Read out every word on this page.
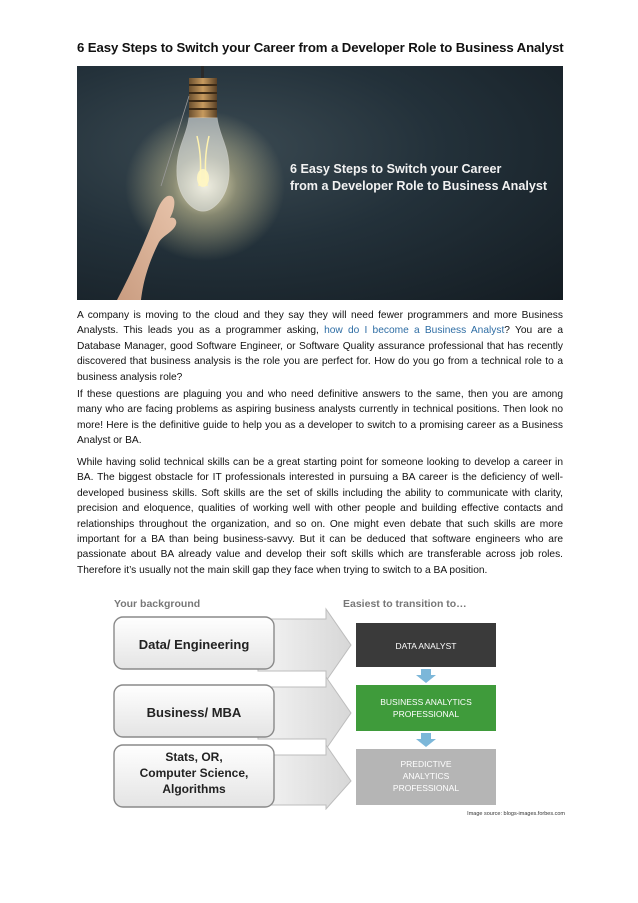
6 Easy Steps to Switch your Career from a Developer Role to Business Analyst
6 Easy Steps to Switch your Career
from a Developer Role to Business Analyst
A company is moving to the cloud and they say they will need fewer programmers and more Business Analysts. This leads you as a programmer asking, how do I become a Business Analyst? You are a Database Manager, good Software Engineer, or Software Quality assurance professional that has recently discovered that business analysis is the role you are perfect for. How do you go from a technical role to a business analysis role?
If these questions are plaguing you and who need definitive answers to the same, then you are among many who are facing problems as aspiring business analysts currently in technical positions. Then look no more! Here is the definitive guide to help you as a developer to switch to a promising career as a Business Analyst or BA.
While having solid technical skills can be a great starting point for someone looking to develop a career in BA. The biggest obstacle for IT professionals interested in pursuing a BA career is the deficiency of well-developed business skills. Soft skills are the set of skills including the ability to communicate with clarity, precision and eloquence, qualities of working well with other people and building effective contacts and relationships throughout the organization, and so on. One might even debate that such skills are more important for a BA than being business-savvy. But it can be deduced that software engineers who are passionate about BA already value and develop their soft skills which are transferable across job roles. Therefore it’s usually not the main skill gap they face when trying to switch to a BA position.
Your background	Easiest to transition to…
Data/ Engineering
Business/ MBA
Stats, OR,
Computer Science,
Algorithms
DATA ANALYST
BUSINESS ANALYTICS
PROFESSIONAL
PREDICTIVE
ANALYTICS
PROFESSIONAL
Image source: blogs-images.forbes.com
